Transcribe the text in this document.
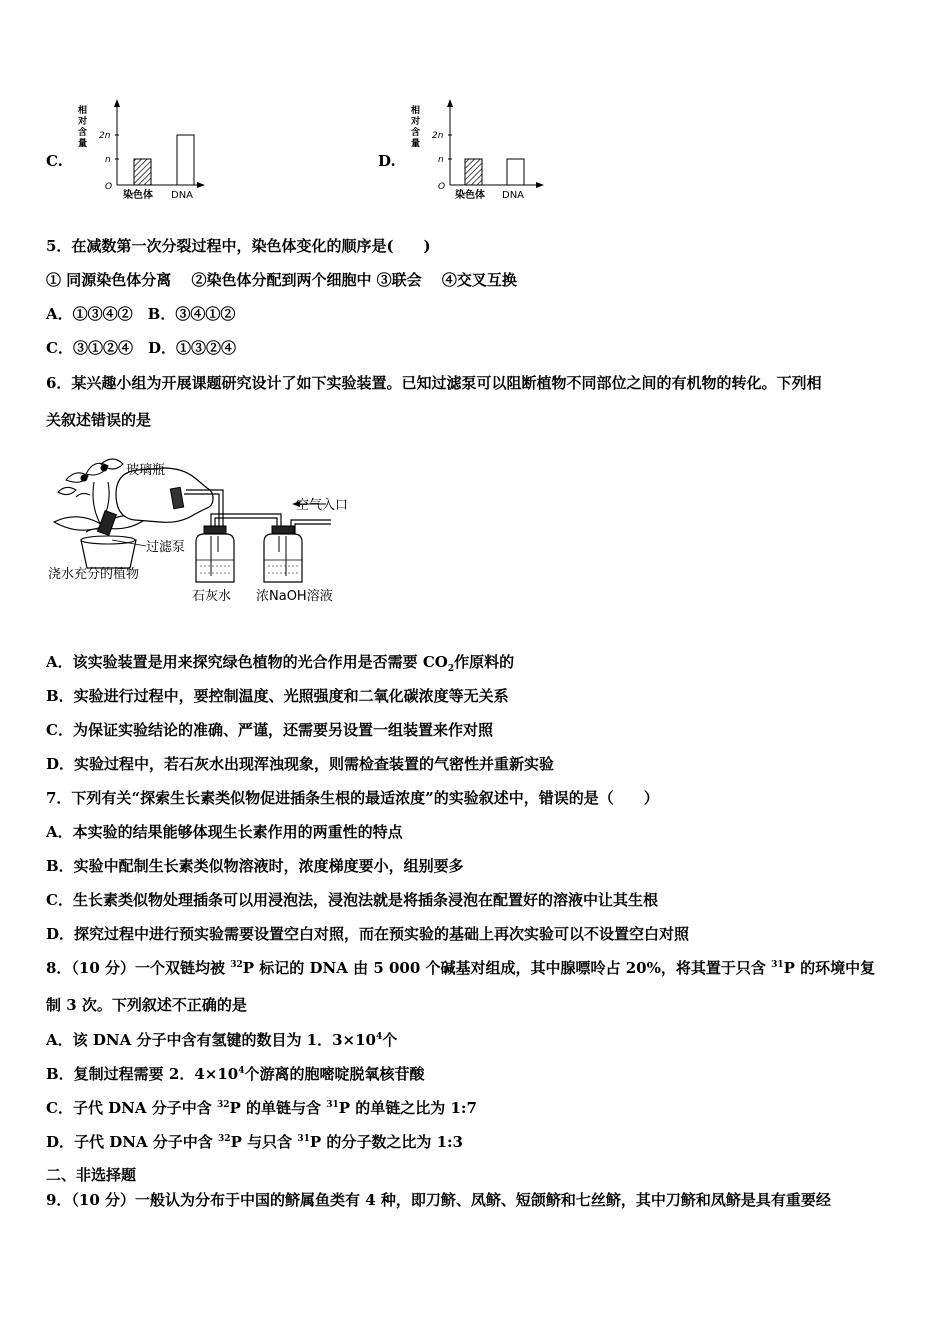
C.
相
对
含
量
2n
n
O
染色体 DNA
D.
相
对
含
量
2n
n
O
染色体 DNA
5．在减数第一次分裂过程中，染色体变化的顺序是(　　)
① 同源染色体分离　 ②染色体分配到两个细胞中 ③联会　 ④交叉互换
A．①③④②　B．③④①②
C．③①②④　D．①③②④
6．某兴趣小组为开展课题研究设计了如下实验装置。已知过滤泵可以阻断植物不同部位之间的有机物的转化。下列相
关叙述错误的是
玻璃瓶
空气入口
过滤泵
浇水充分的植物
石灰水 浓NaOH溶液
A．该实验装置是用来探究绿色植物的光合作用是否需要 $CO_2$作原料的
B．实验进行过程中，要控制温度、光照强度和二氧化碳浓度等无关系
C．为保证实验结论的准确、严谨，还需要另设置一组装置来作对照
D．实验过程中，若石灰水出现浑浊现象，则需检查装置的气密性并重新实验
7．下列有关“探索生长素类似物促进插条生根的最适浓度”的实验叙述中，错误的是（　　）
A．本实验的结果能够体现生长素作用的两重性的特点
B．实验中配制生长素类似物溶液时，浓度梯度要小，组别要多
C．生长素类似物处理插条可以用浸泡法，浸泡法就是将插条浸泡在配置好的溶液中让其生根
D．探究过程中进行预实验需要设置空白对照，而在预实验的基础上再次实验可以不设置空白对照
8．（10 分）一个双链均被 $^{32}$P 标记的 DNA 由 5 000 个碱基对组成，其中腺嘌呤占 20%，将其置于只含 $^{31}$P 的环境中复
制 3 次。下列叙述不正确的是
A．该 DNA 分子中含有氢键的数目为 1．$3\times 10^4$个
B．复制过程需要 2．$4\times 10^4$个游离的胞嘧啶脱氧核苷酸
C．子代 DNA 分子中含 $^{32}$P 的单链与含 $^{31}$P 的单链之比为 1:7
D．子代 DNA 分子中含 $^{32}$P 与只含 $^{31}$P 的分子数之比为 1:3
二、非选择题
9．（10 分）一般认为分布于中国的鲚属鱼类有 4 种，即刀鲚、凤鲚、短颌鲚和七丝鲚，其中刀鲚和凤鲚是具有重要经
